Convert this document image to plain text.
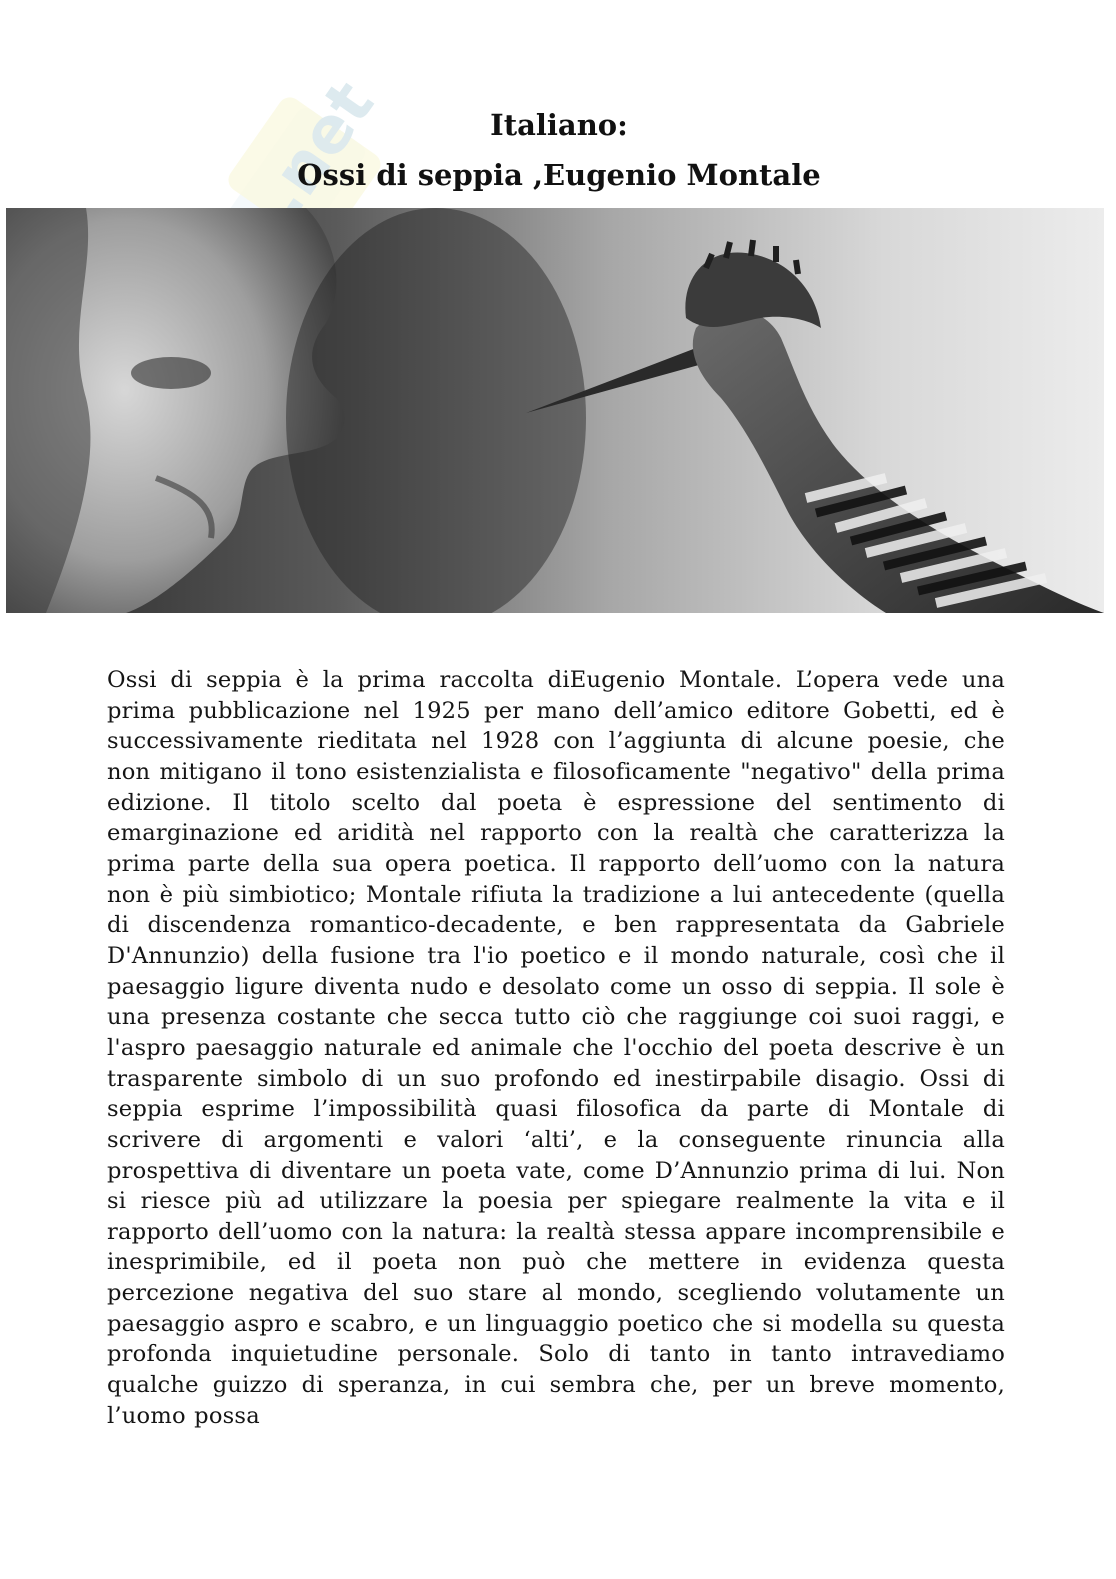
Italiano:
Ossi di seppia ,Eugenio Montale

Ossi di seppia è la prima raccolta diEugenio Montale. L’opera vede una prima pubblicazione nel 1925 per mano dell’amico editore Gobetti, ed è successivamente rieditata nel 1928 con l’aggiunta di alcune poesie, che non mitigano il tono esistenzialista e filosoficamente "negativo" della prima edizione. Il titolo scelto dal poeta è espressione del sentimento di emarginazione ed aridità nel rapporto con la realtà che caratterizza la prima parte della sua opera poetica. Il rapporto dell’uomo con la natura non è più simbiotico; Montale rifiuta la tradizione a lui antecedente (quella di discendenza romantico-decadente, e ben rappresentata da Gabriele D'Annunzio) della fusione tra l'io poetico e il mondo naturale, così che il paesaggio ligure diventa nudo e desolato come un osso di seppia. Il sole è una presenza costante che secca tutto ciò che raggiunge coi suoi raggi, e l'aspro paesaggio naturale ed animale che l'occhio del poeta descrive è un trasparente simbolo di un suo profondo ed inestirpabile disagio. Ossi di seppia esprime l’impossibilità quasi filosofica da parte di Montale di scrivere di argomenti e valori ‘alti’, e la conseguente rinuncia alla prospettiva di diventare un poeta vate, come D’Annunzio prima di lui. Non si riesce più ad utilizzare la poesia per spiegare realmente la vita e il rapporto dell’uomo con la natura: la realtà stessa appare incomprensibile e inesprimibile, ed il poeta non può che mettere in evidenza questa percezione negativa del suo stare al mondo, scegliendo volutamente un paesaggio aspro e scabro, e un linguaggio poetico che si modella su questa profonda inquietudine personale. Solo di tanto in tanto intravediamo qualche guizzo di speranza, in cui sembra che, per un breve momento, l’uomo possa
